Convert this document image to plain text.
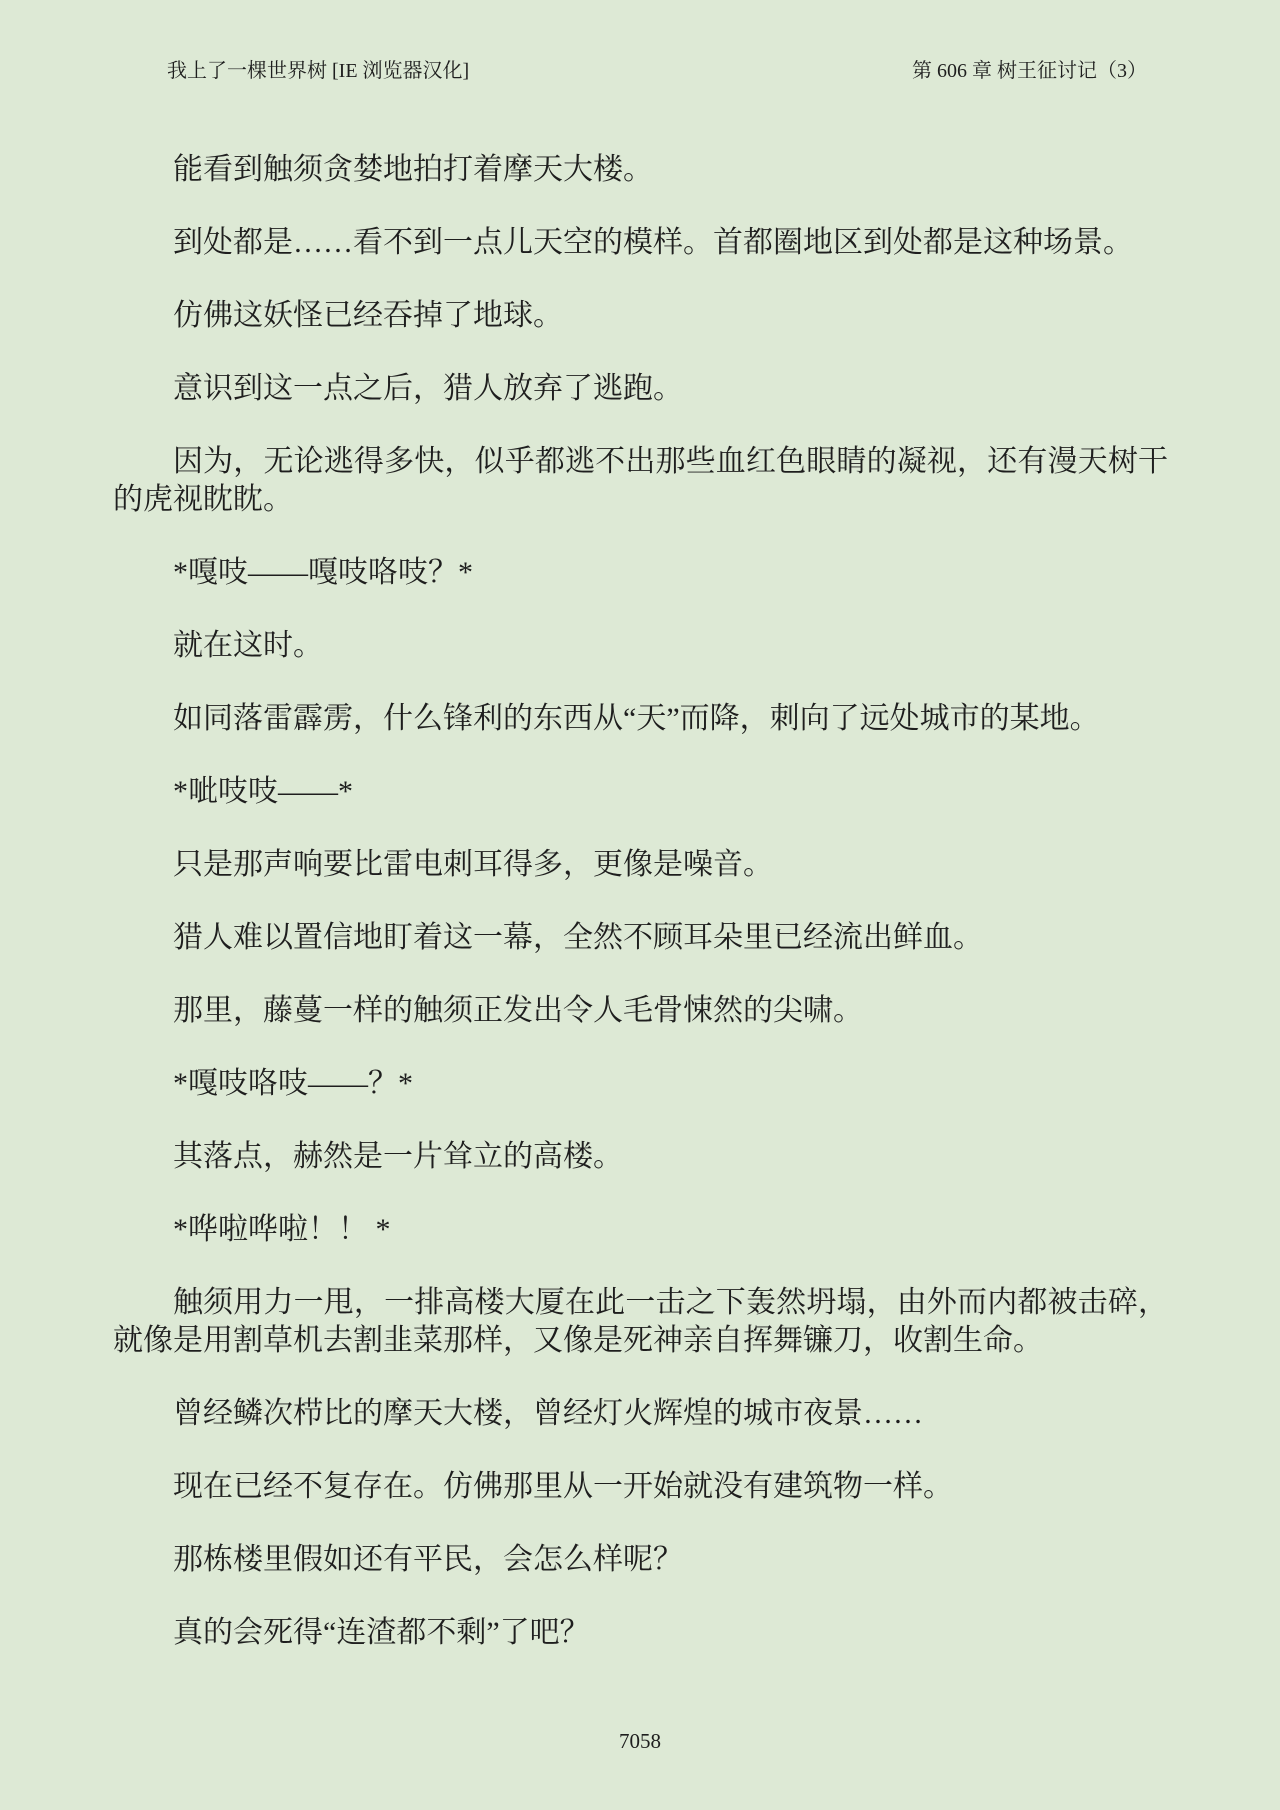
我上了一棵世界树 [IE 浏览器汉化]	第 606 章 树王征讨记（3）

能看到触须贪婪地拍打着摩天大楼。

到处都是……看不到一点儿天空的模样。首都圈地区到处都是这种场景。

仿佛这妖怪已经吞掉了地球。

意识到这一点之后，猎人放弃了逃跑。

因为，无论逃得多快，似乎都逃不出那些血红色眼睛的凝视，还有漫天树干的虎视眈眈。

*嘎吱——嘎吱咯吱？*

就在这时。

如同落雷霹雳，什么锋利的东西从“天”而降，刺向了远处城市的某地。

*呲吱吱——*

只是那声响要比雷电刺耳得多，更像是噪音。

猎人难以置信地盯着这一幕，全然不顾耳朵里已经流出鲜血。

那里，藤蔓一样的触须正发出令人毛骨悚然的尖啸。

*嘎吱咯吱——？*

其落点，赫然是一片耸立的高楼。

*哗啦哗啦！！ *

触须用力一甩，一排高楼大厦在此一击之下轰然坍塌，由外而内都被击碎，就像是用割草机去割韭菜那样，又像是死神亲自挥舞镰刀，收割生命。

曾经鳞次栉比的摩天大楼，曾经灯火辉煌的城市夜景……

现在已经不复存在。仿佛那里从一开始就没有建筑物一样。

那栋楼里假如还有平民，会怎么样呢？

真的会死得“连渣都不剩”了吧？

7058
